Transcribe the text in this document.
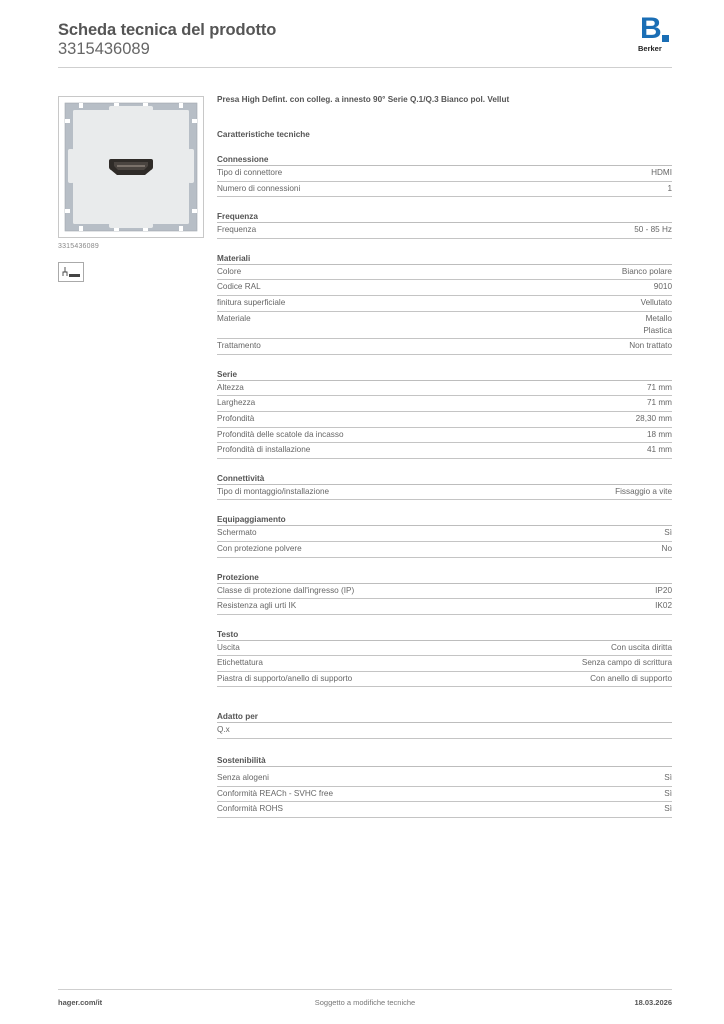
Scheda tecnica del prodotto
3315436089
B
Berker
3315436089
Presa High Defint. con colleg. a innesto 90° Serie Q.1/Q.3 Bianco pol. Vellut
Caratteristiche tecniche
Connessione
Tipo di connettore	HDMI
Numero di connessioni	1
Frequenza
Frequenza	50 - 85 Hz
Materiali
Colore	Bianco polare
Codice RAL	9010
finitura superficiale	Vellutato
Materiale	Metallo
Plastica
Trattamento	Non trattato
Serie
Altezza	71 mm
Larghezza	71 mm
Profondità	28,30 mm
Profondità delle scatole da incasso	18 mm
Profondità di installazione	41 mm
Connettività
Tipo di montaggio/installazione	Fissaggio a vite
Equipaggiamento
Schermato	Sì
Con protezione polvere	No
Protezione
Classe di protezione dall'ingresso (IP)	IP20
Resistenza agli urti IK	IK02
Testo
Uscita	Con uscita diritta
Etichettatura	Senza campo di scrittura
Piastra di supporto/anello di supporto	Con anello di supporto
Adatto per
Q.x
Sostenibilità
Senza alogeni	Sì
Conformità REACh - SVHC free	Sì
Conformità ROHS	Sì
hager.com/it	Soggetto a modifiche tecniche	18.03.2026
